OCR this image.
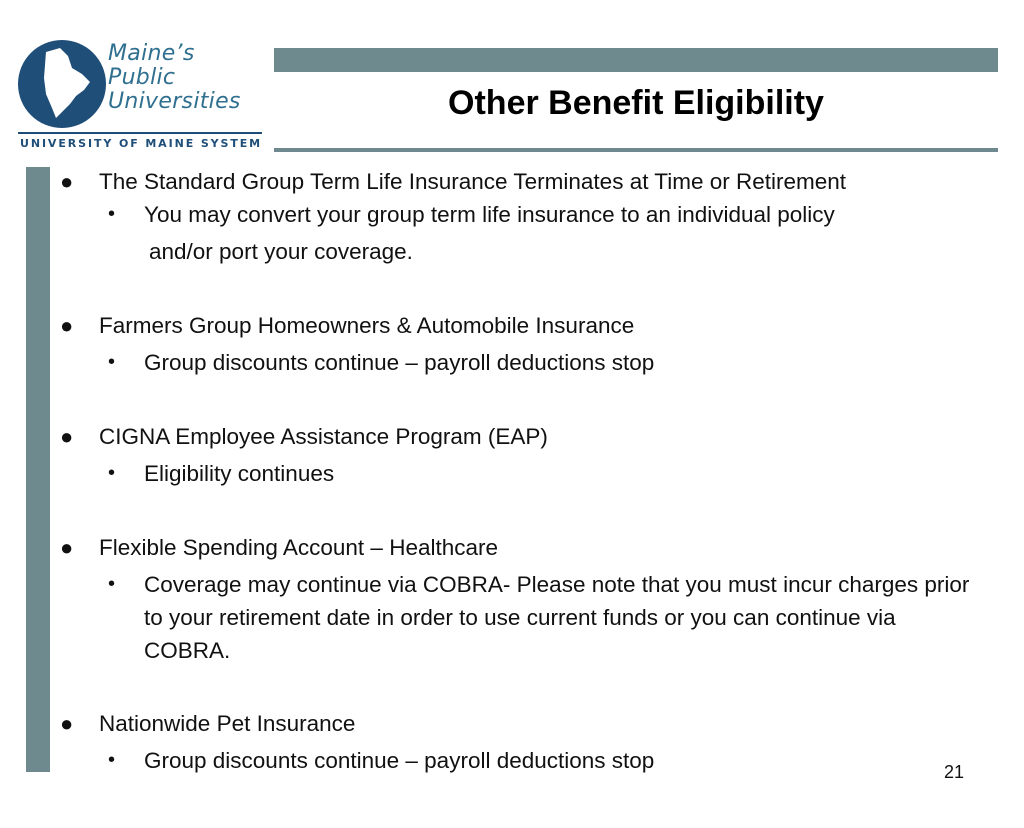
Maine’s
Public
Universities
UNIVERSITY OF MAINE SYSTEM
Other Benefit Eligibility
● The Standard Group Term Life Insurance Terminates at Time or Retirement
• You may convert your group term life insurance to an individual policy
and/or port your coverage.
● Farmers Group Homeowners & Automobile Insurance
• Group discounts continue – payroll deductions stop
● CIGNA Employee Assistance Program (EAP)
• Eligibility continues
● Flexible Spending Account – Healthcare
• Coverage may continue via COBRA- Please note that you must incur charges prior to your retirement date in order to use current funds or you can continue via COBRA.
● Nationwide Pet Insurance
• Group discounts continue – payroll deductions stop	21
